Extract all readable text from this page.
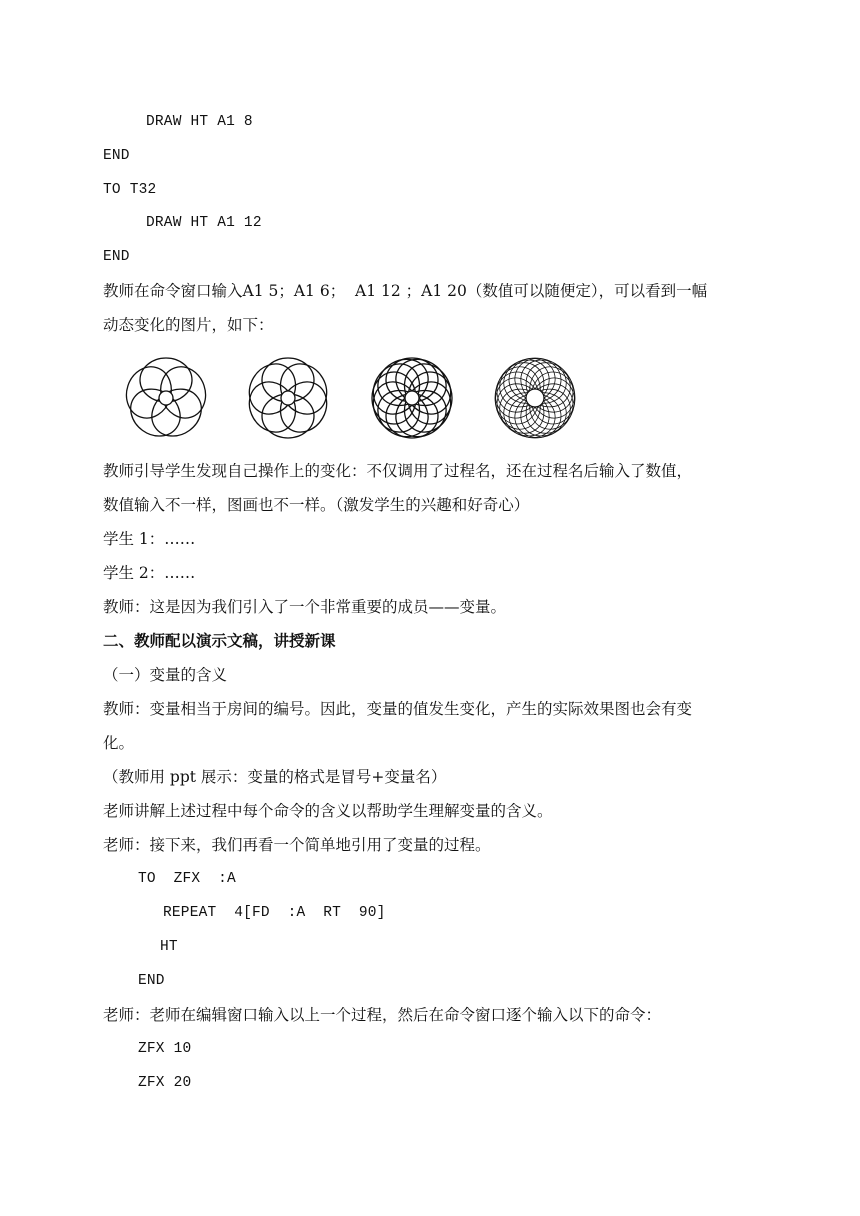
DRAW HT A1 8
END
TO T32
DRAW HT A1 12
END
教师在命令窗口输入A1 5；A1 6；  A1 12 ；A1 20（数值可以随便定），可以看到一幅
动态变化的图片，如下：
教师引导学生发现自己操作上的变化：不仅调用了过程名，还在过程名后输入了数值，
数值输入不一样，图画也不一样。（激发学生的兴趣和好奇心）
学生 1：……
学生 2：……
教师：这是因为我们引入了一个非常重要的成员——变量。
二、教师配以演示文稿，讲授新课
（一）变量的含义
教师：变量相当于房间的编号。因此，变量的值发生变化，产生的实际效果图也会有变
化。
（教师用 ppt 展示：变量的格式是冒号+变量名）
老师讲解上述过程中每个命令的含义以帮助学生理解变量的含义。
老师：接下来，我们再看一个简单地引用了变量的过程。
TO  ZFX  :A
REPEAT  4[FD  :A  RT  90]
HT
END
老师：老师在编辑窗口输入以上一个过程，然后在命令窗口逐个输入以下的命令：
ZFX 10
ZFX 20
